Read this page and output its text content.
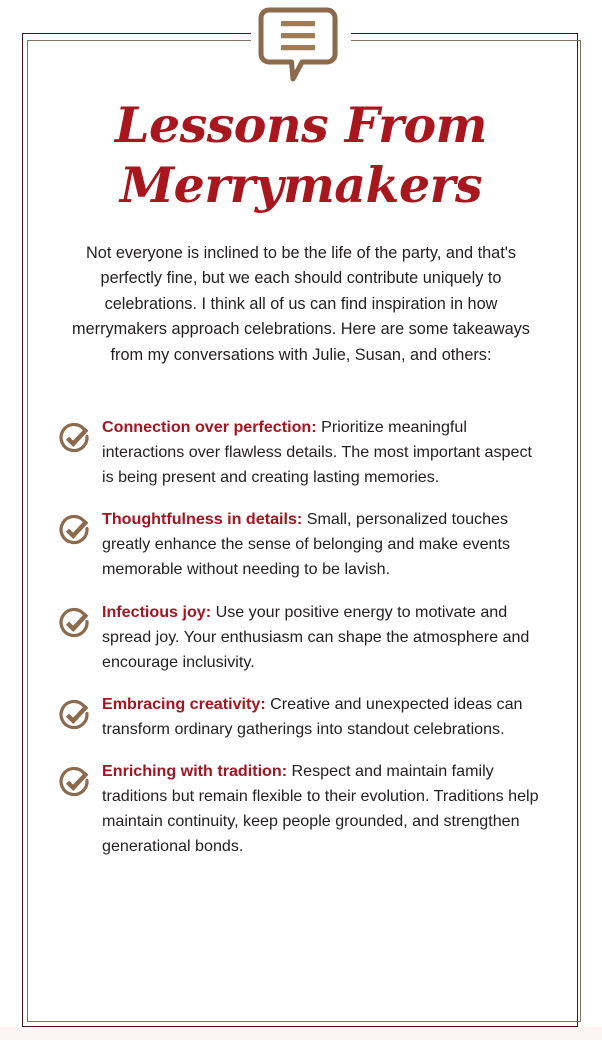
Lessons From
Merrymakers

Not everyone is inclined to be the life of the party, and that's perfectly fine, but we each should contribute uniquely to celebrations. I think all of us can find inspiration in how merrymakers approach celebrations. Here are some takeaways from my conversations with Julie, Susan, and others:

Connection over perfection: Prioritize meaningful interactions over flawless details. The most important aspect is being present and creating lasting memories.
Thoughtfulness in details: Small, personalized touches greatly enhance the sense of belonging and make events memorable without needing to be lavish.
Infectious joy: Use your positive energy to motivate and spread joy. Your enthusiasm can shape the atmosphere and encourage inclusivity.
Embracing creativity: Creative and unexpected ideas can transform ordinary gatherings into standout celebrations.
Enriching with tradition: Respect and maintain family traditions but remain flexible to their evolution. Traditions help maintain continuity, keep people grounded, and strengthen generational bonds.
